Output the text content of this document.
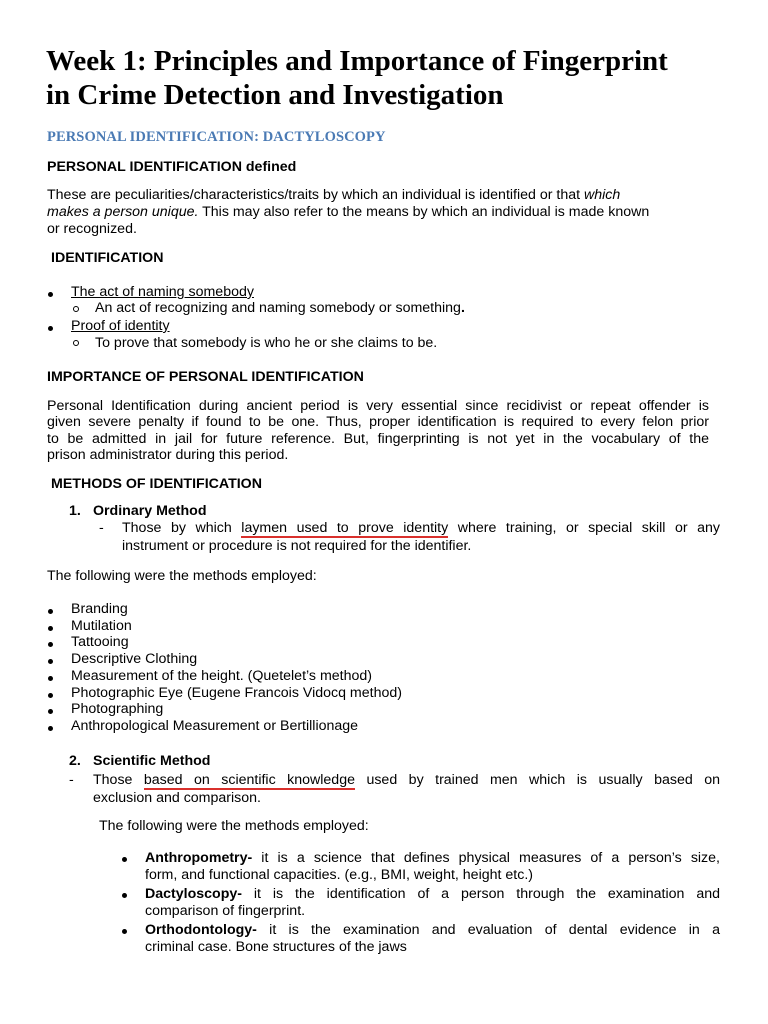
Week 1: Principles and Importance of Fingerprint
in Crime Detection and Investigation
PERSONAL IDENTIFICATION: DACTYLOSCOPY
PERSONAL IDENTIFICATION defined
These are peculiarities/characteristics/traits by which an individual is identified or that which
makes a person unique. This may also refer to the means by which an individual is made known
or recognized.
IDENTIFICATION
The act of naming somebody
An act of recognizing and naming somebody or something.
Proof of identity
To prove that somebody is who he or she claims to be.
IMPORTANCE OF PERSONAL IDENTIFICATION
Personal Identification during ancient period is very essential since recidivist or repeat offender is
given severe penalty if found to be one. Thus, proper identification is required to every felon prior
to be admitted in jail for future reference. But, fingerprinting is not yet in the vocabulary of the
prison administrator during this period.
METHODS OF IDENTIFICATION
1. Ordinary Method
- Those by which laymen used to prove identity where training, or special skill or any
instrument or procedure is not required for the identifier.
The following were the methods employed:
Branding
Mutilation
Tattooing
Descriptive Clothing
Measurement of the height. (Quetelet’s method)
Photographic Eye (Eugene Francois Vidocq method)
Photographing
Anthropological Measurement or Bertillionage
2. Scientific Method
- Those based on scientific knowledge used by trained men which is usually based on
exclusion and comparison.
The following were the methods employed:
Anthropometry- it is a science that defines physical measures of a person’s size,
form, and functional capacities. (e.g., BMI, weight, height etc.)
Dactyloscopy- it is the identification of a person through the examination and
comparison of fingerprint.
Orthodontology- it is the examination and evaluation of dental evidence in a
criminal case. Bone structures of the jaws
